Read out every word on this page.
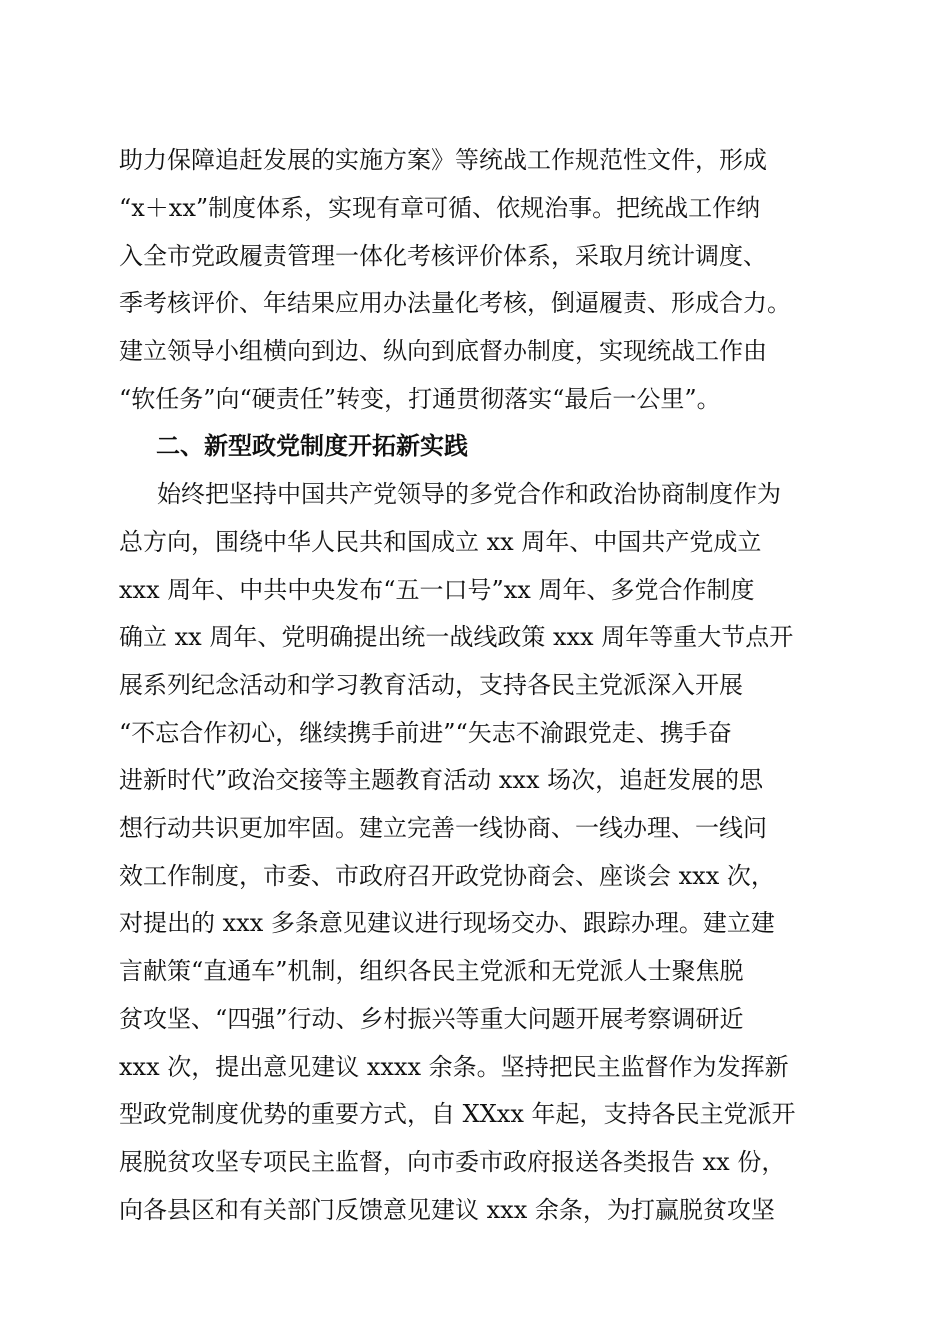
助力保障追赶发展的实施方案》等统战工作规范性文件，形成
“x＋xx”制度体系，实现有章可循、依规治事。把统战工作纳
入全市党政履责管理一体化考核评价体系，采取月统计调度、
季考核评价、年结果应用办法量化考核，倒逼履责、形成合力。
建立领导小组横向到边、纵向到底督办制度，实现统战工作由
“软任务”向“硬责任”转变，打通贯彻落实“最后一公里”。
二、新型政党制度开拓新实践
始终把坚持中国共产党领导的多党合作和政治协商制度作为
总方向，围绕中华人民共和国成立 xx 周年、中国共产党成立
xxx 周年、中共中央发布“五一口号”xx 周年、多党合作制度
确立 xx 周年、党明确提出统一战线政策 xxx 周年等重大节点开
展系列纪念活动和学习教育活动，支持各民主党派深入开展
“不忘合作初心，继续携手前进”“矢志不渝跟党走、携手奋
进新时代”政治交接等主题教育活动 xxx 场次，追赶发展的思
想行动共识更加牢固。建立完善一线协商、一线办理、一线问
效工作制度，市委、市政府召开政党协商会、座谈会 xxx 次，
对提出的 xxx 多条意见建议进行现场交办、跟踪办理。建立建
言献策“直通车”机制，组织各民主党派和无党派人士聚焦脱
贫攻坚、“四强”行动、乡村振兴等重大问题开展考察调研近
xxx 次，提出意见建议 xxxx 余条。坚持把民主监督作为发挥新
型政党制度优势的重要方式，自 XXxx 年起，支持各民主党派开
展脱贫攻坚专项民主监督，向市委市政府报送各类报告 xx 份，
向各县区和有关部门反馈意见建议 xxx 余条，为打赢脱贫攻坚
